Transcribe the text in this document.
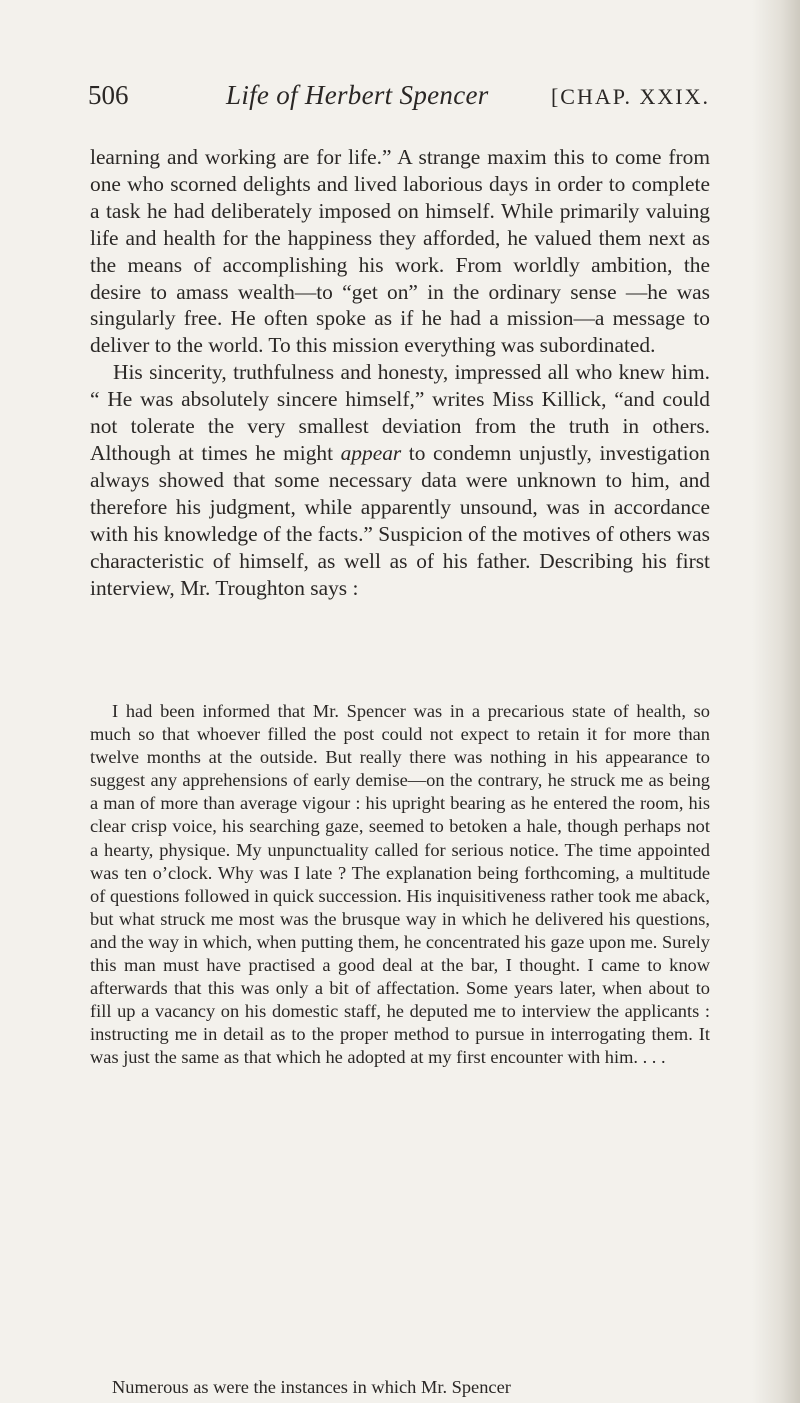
506	Life of Herbert Spencer	[CHAP. XXIX.

learning and working are for life.” A strange maxim this to come from one who scorned delights and lived laborious days in order to complete a task he had deliberately imposed on himself. While primarily valuing life and health for the happiness they afforded, he valued them next as the means of accomplishing his work. From worldly ambition, the desire to amass wealth—to “get on” in the ordinary sense —he was singularly free. He often spoke as if he had a mission—a message to deliver to the world. To this mission everything was subordinated.

His sincerity, truthfulness and honesty, impressed all who knew him. “ He was absolutely sincere himself,” writes Miss Killick, “and could not tolerate the very smallest deviation from the truth in others. Although at times he might appear to condemn unjustly, investigation always showed that some necessary data were unknown to him, and therefore his judgment, while apparently unsound, was in accordance with his knowledge of the facts.” Suspicion of the motives of others was characteristic of himself, as well as of his father. Describing his first interview, Mr. Troughton says :

I had been informed that Mr. Spencer was in a precarious state of health, so much so that whoever filled the post could not expect to retain it for more than twelve months at the outside. But really there was nothing in his appearance to suggest any apprehensions of early demise—on the contrary, he struck me as being a man of more than average vigour : his upright bearing as he entered the room, his clear crisp voice, his searching gaze, seemed to betoken a hale, though perhaps not a hearty, physique. My unpunctuality called for serious notice. The time appointed was ten o’clock. Why was I late ? The explanation being forthcoming, a multitude of questions followed in quick succession. His inquisitiveness rather took me aback, but what struck me most was the brusque way in which he delivered his questions, and the way in which, when putting them, he concentrated his gaze upon me. Surely this man must have practised a good deal at the bar, I thought. I came to know afterwards that this was only a bit of affectation. Some years later, when about to fill up a vacancy on his domestic staff, he deputed me to interview the applicants : instructing me in detail as to the proper method to pursue in interrogating them. It was just the same as that which he adopted at my first encounter with him. . . .

Numerous as were the instances in which Mr. Spencer
